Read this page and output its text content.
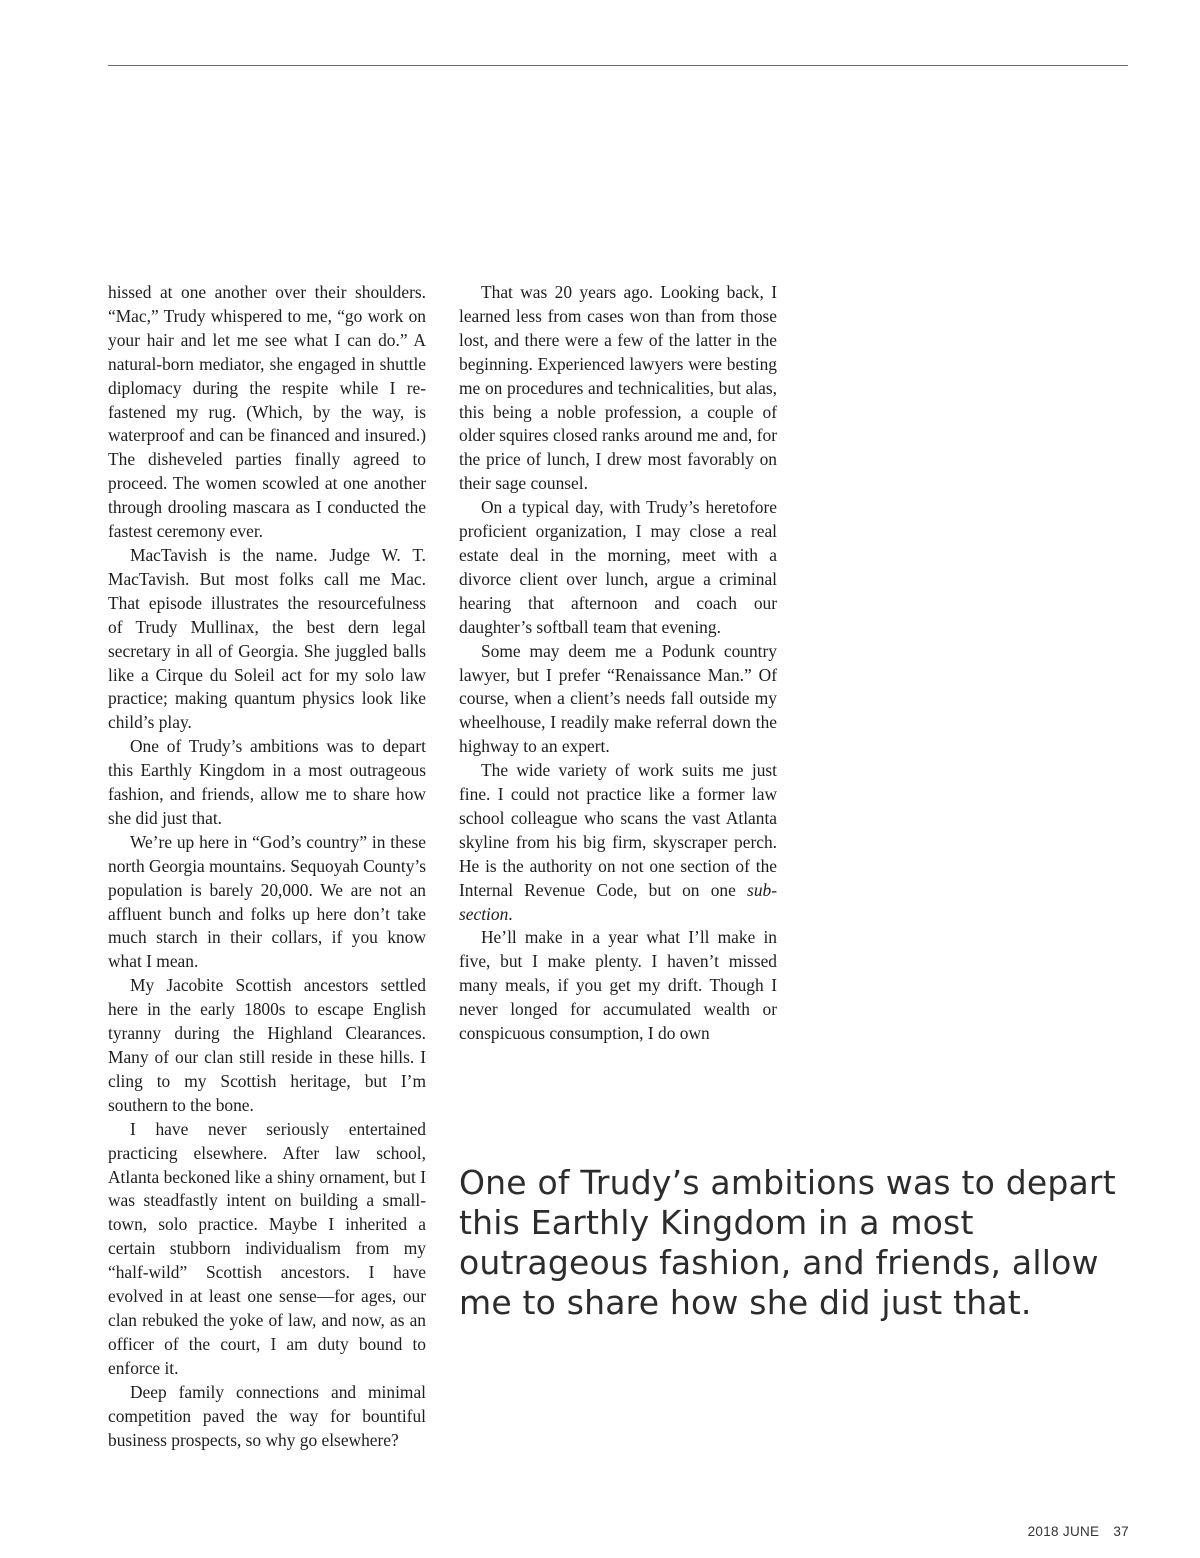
hissed at one another over their shoulders. “Mac,” Trudy whispered to me, “go work on your hair and let me see what I can do.” A natural-born mediator, she engaged in shuttle diplomacy during the respite while I re-fastened my rug. (Which, by the way, is waterproof and can be financed and insured.) The disheveled parties finally agreed to proceed. The women scowled at one another through drooling mascara as I conducted the fastest ceremony ever.

MacTavish is the name. Judge W. T. MacTavish. But most folks call me Mac. That episode illustrates the resourcefulness of Trudy Mullinax, the best dern legal secretary in all of Georgia. She juggled balls like a Cirque du Soleil act for my solo law practice; making quantum physics look like child’s play.

One of Trudy’s ambitions was to depart this Earthly Kingdom in a most outrageous fashion, and friends, allow me to share how she did just that.

We’re up here in “God’s country” in these north Georgia mountains. Sequoyah County’s population is barely 20,000. We are not an affluent bunch and folks up here don’t take much starch in their collars, if you know what I mean.

My Jacobite Scottish ancestors settled here in the early 1800s to escape English tyranny during the Highland Clearances. Many of our clan still reside in these hills. I cling to my Scottish heritage, but I’m southern to the bone.

I have never seriously entertained practicing elsewhere. After law school, Atlanta beckoned like a shiny ornament, but I was steadfastly intent on building a small-town, solo practice. Maybe I inherited a certain stubborn individualism from my “half-wild” Scottish ancestors. I have evolved in at least one sense—for ages, our clan rebuked the yoke of law, and now, as an officer of the court, I am duty bound to enforce it.

Deep family connections and minimal competition paved the way for bountiful business prospects, so why go elsewhere?

That was 20 years ago. Looking back, I learned less from cases won than from those lost, and there were a few of the latter in the beginning. Experienced lawyers were besting me on procedures and technicalities, but alas, this being a noble profession, a couple of older squires closed ranks around me and, for the price of lunch, I drew most favorably on their sage counsel.

On a typical day, with Trudy’s heretofore proficient organization, I may close a real estate deal in the morning, meet with a divorce client over lunch, argue a criminal hearing that afternoon and coach our daughter’s softball team that evening.

Some may deem me a Podunk country lawyer, but I prefer “Renaissance Man.” Of course, when a client’s needs fall outside my wheelhouse, I readily make referral down the highway to an expert.

The wide variety of work suits me just fine. I could not practice like a former law school colleague who scans the vast Atlanta skyline from his big firm, skyscraper perch. He is the authority on not one section of the Internal Revenue Code, but on one sub-section.

He’ll make in a year what I’ll make in five, but I make plenty. I haven’t missed many meals, if you get my drift. Though I never longed for accumulated wealth or conspicuous consumption, I do own

One of Trudy’s ambitions was to depart this Earthly Kingdom in a most outrageous fashion, and friends, allow me to share how she did just that.
2018 JUNE 37
